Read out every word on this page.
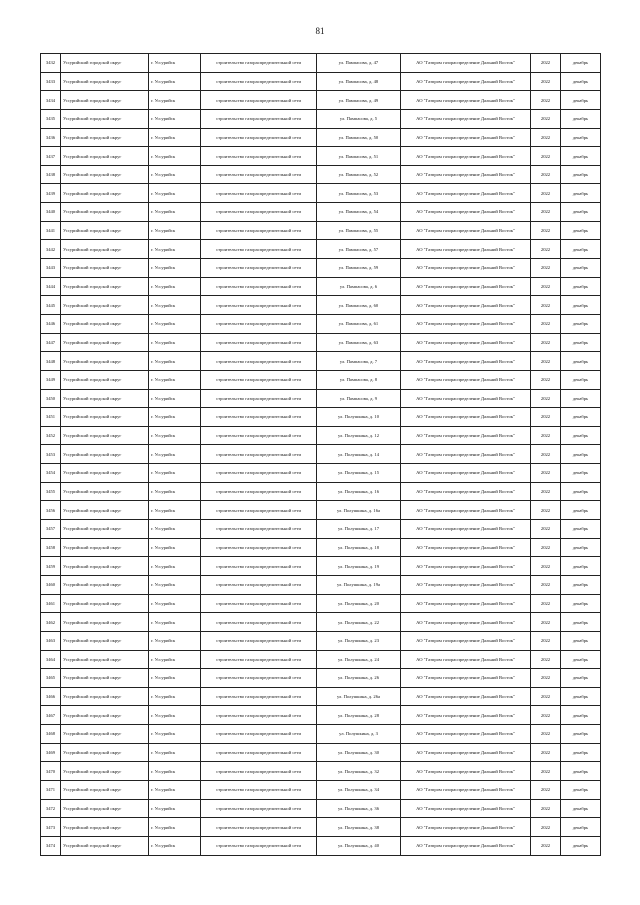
81
3432	Уссурийский городской округ	г. Уссурийск	строительство газораспределительной сети	ул. Пампасова, д. 47	АО "Газпром газораспределение Дальний Восток"	2022	декабрь
3433	Уссурийский городской округ	г. Уссурийск	строительство газораспределительной сети	ул. Пампасова, д. 48	АО "Газпром газораспределение Дальний Восток"	2022	декабрь
3434	Уссурийский городской округ	г. Уссурийск	строительство газораспределительной сети	ул. Пампасова, д. 49	АО "Газпром газораспределение Дальний Восток"	2022	декабрь
3435	Уссурийский городской округ	г. Уссурийск	строительство газораспределительной сети	ул. Пампасова, д. 5	АО "Газпром газораспределение Дальний Восток"	2022	декабрь
3436	Уссурийский городской округ	г. Уссурийск	строительство газораспределительной сети	ул. Пампасова, д. 50	АО "Газпром газораспределение Дальний Восток"	2022	декабрь
3437	Уссурийский городской округ	г. Уссурийск	строительство газораспределительной сети	ул. Пампасова, д. 51	АО "Газпром газораспределение Дальний Восток"	2022	декабрь
3438	Уссурийский городской округ	г. Уссурийск	строительство газораспределительной сети	ул. Пампасова, д. 52	АО "Газпром газораспределение Дальний Восток"	2022	декабрь
3439	Уссурийский городской округ	г. Уссурийск	строительство газораспределительной сети	ул. Пампасова, д. 53	АО "Газпром газораспределение Дальний Восток"	2022	декабрь
3440	Уссурийский городской округ	г. Уссурийск	строительство газораспределительной сети	ул. Пампасова, д. 54	АО "Газпром газораспределение Дальний Восток"	2022	декабрь
3441	Уссурийский городской округ	г. Уссурийск	строительство газораспределительной сети	ул. Пампасова, д. 55	АО "Газпром газораспределение Дальний Восток"	2022	декабрь
3442	Уссурийский городской округ	г. Уссурийск	строительство газораспределительной сети	ул. Пампасова, д. 57	АО "Газпром газораспределение Дальний Восток"	2022	декабрь
3443	Уссурийский городской округ	г. Уссурийск	строительство газораспределительной сети	ул. Пампасова, д. 59	АО "Газпром газораспределение Дальний Восток"	2022	декабрь
3444	Уссурийский городской округ	г. Уссурийск	строительство газораспределительной сети	ул. Пампасова, д. 6	АО "Газпром газораспределение Дальний Восток"	2022	декабрь
3445	Уссурийский городской округ	г. Уссурийск	строительство газораспределительной сети	ул. Пампасова, д. 60	АО "Газпром газораспределение Дальний Восток"	2022	декабрь
3446	Уссурийский городской округ	г. Уссурийск	строительство газораспределительной сети	ул. Пампасова, д. 61	АО "Газпром газораспределение Дальний Восток"	2022	декабрь
3447	Уссурийский городской округ	г. Уссурийск	строительство газораспределительной сети	ул. Пампасова, д. 63	АО "Газпром газораспределение Дальний Восток"	2022	декабрь
3448	Уссурийский городской округ	г. Уссурийск	строительство газораспределительной сети	ул. Пампасова, д. 7	АО "Газпром газораспределение Дальний Восток"	2022	декабрь
3449	Уссурийский городской округ	г. Уссурийск	строительство газораспределительной сети	ул. Пампасова, д. 8	АО "Газпром газораспределение Дальний Восток"	2022	декабрь
3450	Уссурийский городской округ	г. Уссурийск	строительство газораспределительной сети	ул. Пампасова, д. 9	АО "Газпром газораспределение Дальний Восток"	2022	декабрь
3451	Уссурийский городской округ	г. Уссурийск	строительство газораспределительной сети	ул. Полушкина, д. 10	АО "Газпром газораспределение Дальний Восток"	2022	декабрь
3452	Уссурийский городской округ	г. Уссурийск	строительство газораспределительной сети	ул. Полушкина, д. 12	АО "Газпром газораспределение Дальний Восток"	2022	декабрь
3453	Уссурийский городской округ	г. Уссурийск	строительство газораспределительной сети	ул. Полушкина, д. 14	АО "Газпром газораспределение Дальний Восток"	2022	декабрь
3454	Уссурийский городской округ	г. Уссурийск	строительство газораспределительной сети	ул. Полушкина, д. 15	АО "Газпром газораспределение Дальний Восток"	2022	декабрь
3455	Уссурийский городской округ	г. Уссурийск	строительство газораспределительной сети	ул. Полушкина, д. 16	АО "Газпром газораспределение Дальний Восток"	2022	декабрь
3456	Уссурийский городской округ	г. Уссурийск	строительство газораспределительной сети	ул. Полушкина, д. 16а	АО "Газпром газораспределение Дальний Восток"	2022	декабрь
3457	Уссурийский городской округ	г. Уссурийск	строительство газораспределительной сети	ул. Полушкина, д. 17	АО "Газпром газораспределение Дальний Восток"	2022	декабрь
3458	Уссурийский городской округ	г. Уссурийск	строительство газораспределительной сети	ул. Полушкина, д. 18	АО "Газпром газораспределение Дальний Восток"	2022	декабрь
3459	Уссурийский городской округ	г. Уссурийск	строительство газораспределительной сети	ул. Полушкина, д. 19	АО "Газпром газораспределение Дальний Восток"	2022	декабрь
3460	Уссурийский городской округ	г. Уссурийск	строительство газораспределительной сети	ул. Полушкина, д. 19а	АО "Газпром газораспределение Дальний Восток"	2022	декабрь
3461	Уссурийский городской округ	г. Уссурийск	строительство газораспределительной сети	ул. Полушкина, д. 20	АО "Газпром газораспределение Дальний Восток"	2022	декабрь
3462	Уссурийский городской округ	г. Уссурийск	строительство газораспределительной сети	ул. Полушкина, д. 22	АО "Газпром газораспределение Дальний Восток"	2022	декабрь
3463	Уссурийский городской округ	г. Уссурийск	строительство газораспределительной сети	ул. Полушкина, д. 23	АО "Газпром газораспределение Дальний Восток"	2022	декабрь
3464	Уссурийский городской округ	г. Уссурийск	строительство газораспределительной сети	ул. Полушкина, д. 24	АО "Газпром газораспределение Дальний Восток"	2022	декабрь
3465	Уссурийский городской округ	г. Уссурийск	строительство газораспределительной сети	ул. Полушкина, д. 26	АО "Газпром газораспределение Дальний Восток"	2022	декабрь
3466	Уссурийский городской округ	г. Уссурийск	строительство газораспределительной сети	ул. Полушкина, д. 26а	АО "Газпром газораспределение Дальний Восток"	2022	декабрь
3467	Уссурийский городской округ	г. Уссурийск	строительство газораспределительной сети	ул. Полушкина, д. 28	АО "Газпром газораспределение Дальний Восток"	2022	декабрь
3468	Уссурийский городской округ	г. Уссурийск	строительство газораспределительной сети	ул. Полушкина, д. 3	АО "Газпром газораспределение Дальний Восток"	2022	декабрь
3469	Уссурийский городской округ	г. Уссурийск	строительство газораспределительной сети	ул. Полушкина, д. 30	АО "Газпром газораспределение Дальний Восток"	2022	декабрь
3470	Уссурийский городской округ	г. Уссурийск	строительство газораспределительной сети	ул. Полушкина, д. 32	АО "Газпром газораспределение Дальний Восток"	2022	декабрь
3471	Уссурийский городской округ	г. Уссурийск	строительство газораспределительной сети	ул. Полушкина, д. 34	АО "Газпром газораспределение Дальний Восток"	2022	декабрь
3472	Уссурийский городской округ	г. Уссурийск	строительство газораспределительной сети	ул. Полушкина, д. 36	АО "Газпром газораспределение Дальний Восток"	2022	декабрь
3473	Уссурийский городской округ	г. Уссурийск	строительство газораспределительной сети	ул. Полушкина, д. 38	АО "Газпром газораспределение Дальний Восток"	2022	декабрь
3474	Уссурийский городской округ	г. Уссурийск	строительство газораспределительной сети	ул. Полушкина, д. 40	АО "Газпром газораспределение Дальний Восток"	2022	декабрь
